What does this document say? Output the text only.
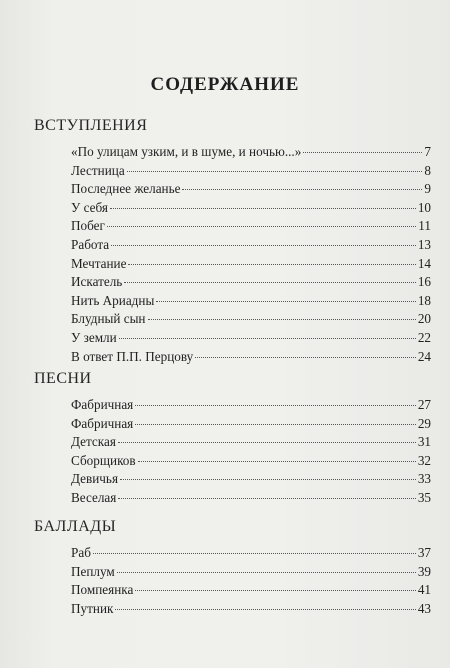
СОДЕРЖАНИЕ
ВСТУПЛЕНИЯ
«По улицам узким, и в шуме, и ночью...»	7
Лестница	8
Последнее желанье	9
У себя	10
Побег	11
Работа	13
Мечтание	14
Искатель	16
Нить Ариадны	18
Блудный сын	20
У земли	22
В ответ П.П. Перцову	24
ПЕСНИ
Фабричная	27
Фабричная	29
Детская	31
Сборщиков	32
Девичья	33
Веселая	35
БАЛЛАДЫ
Раб	37
Пеплум	39
Помпеянка	41
Путник	43
